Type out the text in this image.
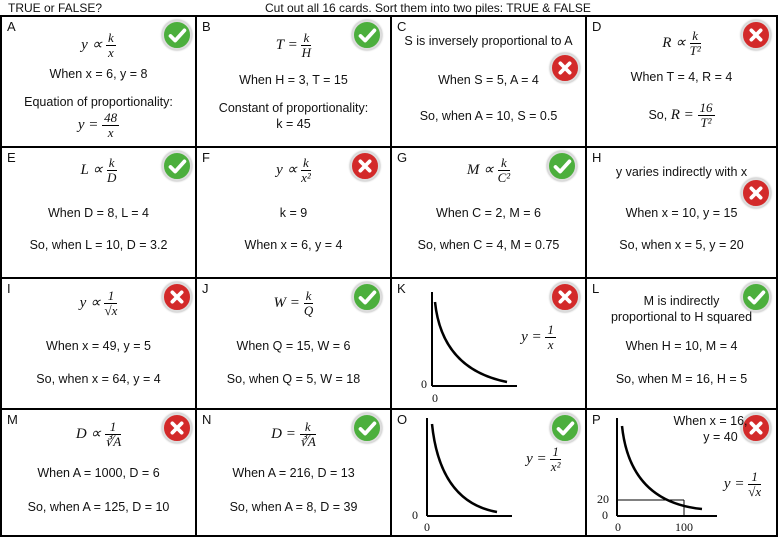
TRUE or FALSE?	Cut out all 16 cards. Sort them into two piles: TRUE & FALSE
A
$y \propto \frac{k}{x}$
When x = 6, y = 8
Equation of proportionality:
$y = \frac{48}{x}$
B
$T = \frac{k}{H}$
When H = 3, T = 15
Constant of proportionality:
k = 45
C
S is inversely proportional to A
When S = 5, A = 4
So, when A = 10, S = 0.5
D
$R \propto \frac{k}{\text{T²}}$
When T = 4, R = 4
So, $R = \frac{16}{\text{T²}}$
E
$L \propto \frac{k}{D}$
When D = 8, L = 4
So, when L = 10, D = 3.2
F
$y \propto \frac{k}{\text{x²}}$
k = 9
When x = 6, y = 4
G
$M \propto \frac{k}{\text{C²}}$
When C = 2, M = 6
So, when C = 4, M = 0.75
H
y varies indirectly with x
When x = 10, y = 15
So, when x = 5, y = 20
I
$y \propto \frac{1}{√x}$
When x = 49, y = 5
So, when x = 64, y = 4
J
$W = \frac{k}{Q}$
When Q = 15, W = 6
So, when Q = 5, W = 18
K
0
0
$y = \frac{1}{x}$
L
M is indirectly
proportional to H squared
When H = 10, M = 4
So, when M = 16, H = 5
M
$D \propto \frac{1}{∛A}$
When A = 1000, D = 6
So, when A = 125, D = 10
N
$D = \frac{k}{∛A}$
When A = 216, D = 13
So, when A = 8, D = 39
O
0
0
$y = \frac{1}{\text{x²}}$
P	When x = 16,
y = 40
20
0
0	100
$y = \frac{1}{√x}$
